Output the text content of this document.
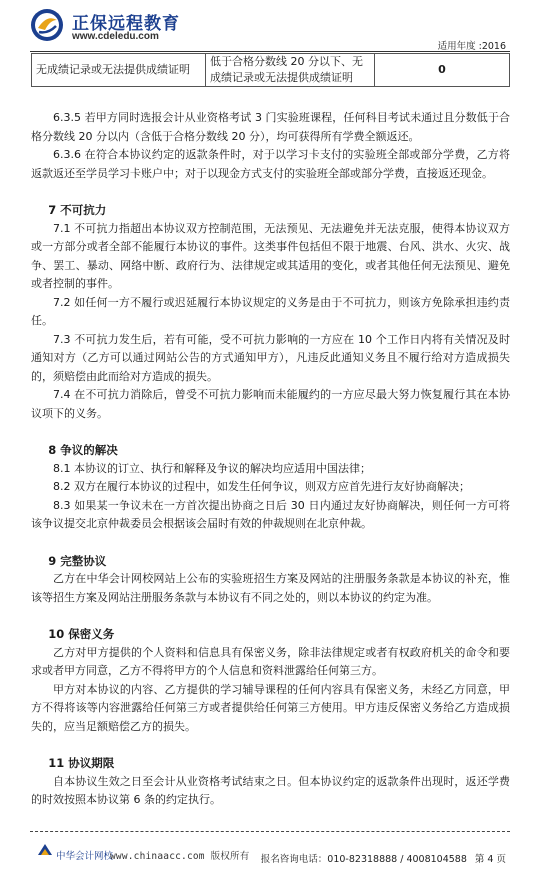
正保远程教育
www.cdeledu.com
适用年度 :2016
无成绩记录或无法提供成绩证明	低于合格分数线 20 分以下、无成绩记录或无法提供成绩证明	0

6.3.5 若甲方同时选报会计从业资格考试 3 门实验班课程，任何科目考试未通过且分数低于合格分数线 20 分以内（含低于合格分数线 20 分），均可获得所有学费全额返还。

6.3.6 在符合本协议约定的返款条件时，对于以学习卡支付的实验班全部或部分学费，乙方将返款返还至学员学习卡账户中；对于以现金方式支付的实验班全部或部分学费，直接返还现金。

7 不可抗力

7.1 不可抗力指超出本协议双方控制范围，无法预见、无法避免并无法克服，使得本协议双方或一方部分或者全部不能履行本协议的事件。这类事件包括但不限于地震、台风、洪水、火灾、战争、罢工、暴动、网络中断、政府行为、法律规定或其适用的变化，或者其他任何无法预见、避免或者控制的事件。

7.2 如任何一方不履行或迟延履行本协议规定的义务是由于不可抗力，则该方免除承担违约责任。

7.3 不可抗力发生后，若有可能，受不可抗力影响的一方应在 10 个工作日内将有关情况及时通知对方（乙方可以通过网站公告的方式通知甲方），凡违反此通知义务且不履行给对方造成损失的，须赔偿由此而给对方造成的损失。

7.4 在不可抗力消除后，曾受不可抗力影响而未能履约的一方应尽最大努力恢复履行其在本协议项下的义务。

8 争议的解决

8.1 本协议的订立、执行和解释及争议的解决均应适用中国法律；

8.2 双方在履行本协议的过程中，如发生任何争议，则双方应首先进行友好协商解决；

8.3 如果某一争议未在一方首次提出协商之日后 30 日内通过友好协商解决，则任何一方可将该争议提交北京仲裁委员会根据该会届时有效的仲裁规则在北京仲裁。

9 完整协议

乙方在中华会计网校网站上公布的实验班招生方案及网站的注册服务条款是本协议的补充，惟该等招生方案及网站注册服务条款与本协议有不同之处的，则以本协议的约定为准。

10 保密义务

乙方对甲方提供的个人资料和信息具有保密义务，除非法律规定或者有权政府机关的命令和要求或者甲方同意，乙方不得将甲方的个人信息和资料泄露给任何第三方。

甲方对本协议的内容、乙方提供的学习辅导课程的任何内容具有保密义务，未经乙方同意，甲方不得将该等内容泄露给任何第三方或者提供给任何第三方使用。甲方违反保密义务给乙方造成损失的，应当足额赔偿乙方的损失。

11 协议期限

自本协议生效之日至会计从业资格考试结束之日。但本协议约定的返款条件出现时，返还学费的时效按照本协议第 6 条的约定执行。

中华会计网校
www.chinaacc.com 版权所有 报名咨询电话：010-82318888 / 4008104588 第 4 页
